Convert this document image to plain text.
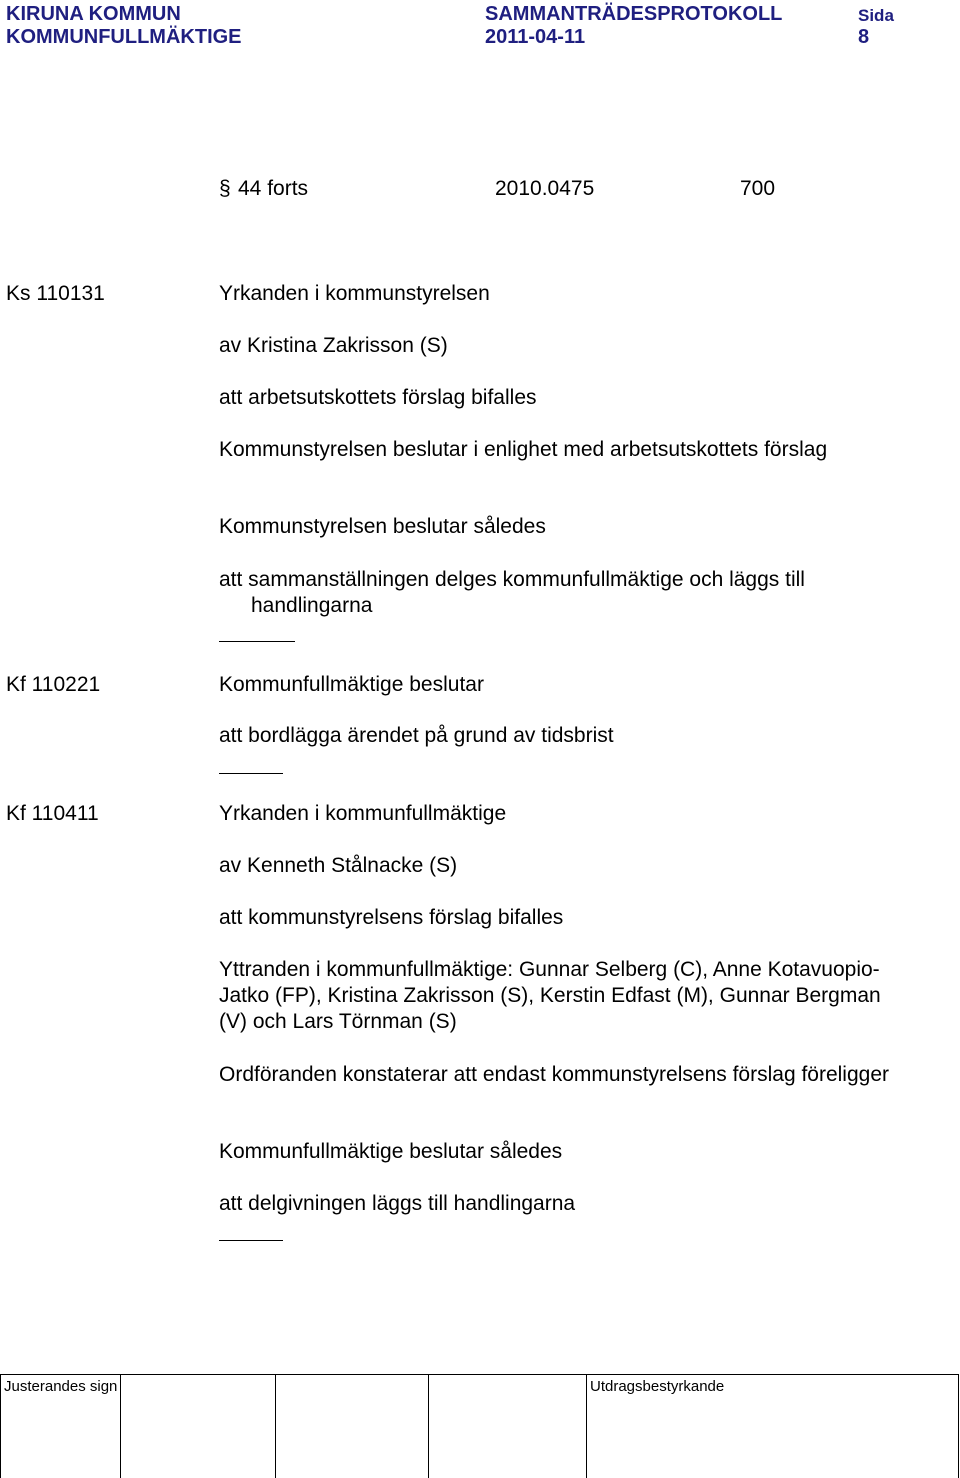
KIRUNA KOMMUN
KOMMUNFULLMÄKTIGE
SAMMANTRÄDESPROTOKOLL
2011-04-11
Sida
8
§ 44 forts	2010.0475	700
Ks 110131	Yrkanden i kommunstyrelsen
av Kristina Zakrisson (S)
att arbetsutskottets förslag bifalles
Kommunstyrelsen beslutar i enlighet med arbetsutskottets förslag
Kommunstyrelsen beslutar således
att sammanställningen delges kommunfullmäktige och läggs till
handlingarna
Kf 110221	Kommunfullmäktige beslutar
att bordlägga ärendet på grund av tidsbrist
Kf 110411	Yrkanden i kommunfullmäktige
av Kenneth Stålnacke (S)
att kommunstyrelsens förslag bifalles
Yttranden i kommunfullmäktige: Gunnar Selberg (C), Anne Kotavuopio-
Jatko (FP), Kristina Zakrisson (S), Kerstin Edfast (M), Gunnar Bergman
(V) och Lars Törnman (S)
Ordföranden konstaterar att endast kommunstyrelsens förslag föreligger
Kommunfullmäktige beslutar således
att delgivningen läggs till handlingarna
Justerandes sign	Utdragsbestyrkande
